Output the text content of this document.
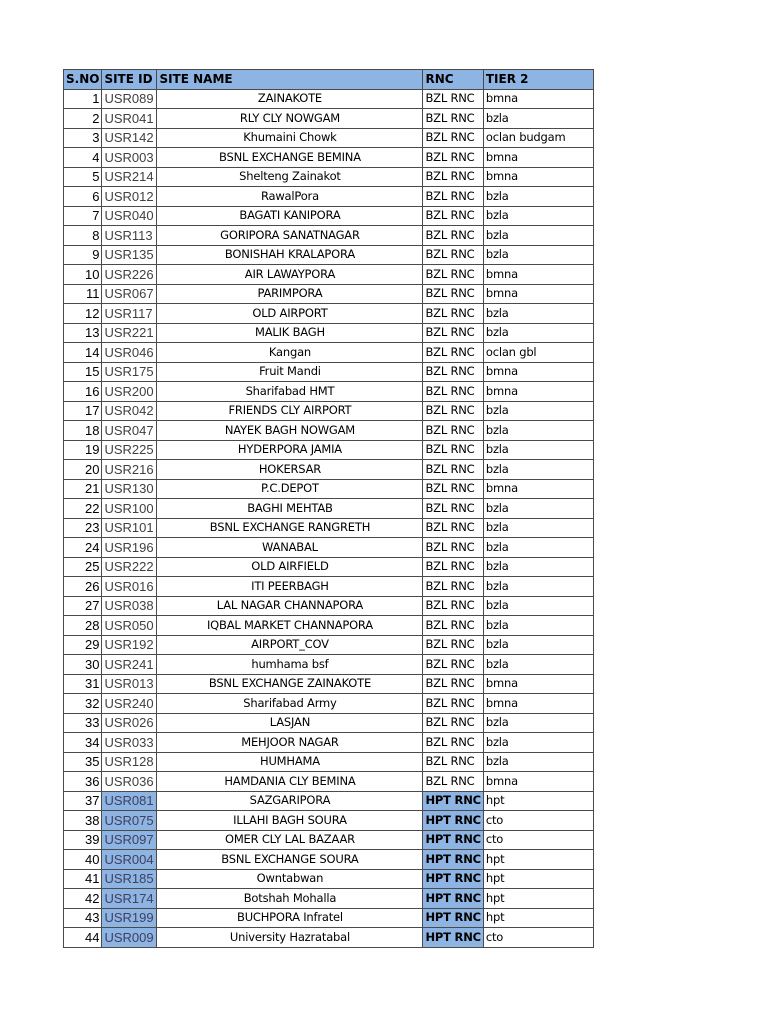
S.NO	SITE ID	SITE NAME	RNC	TIER 2
1	USR089	ZAINAKOTE	BZL RNC	bmna
2	USR041	RLY CLY NOWGAM	BZL RNC	bzla
3	USR142	Khumaini Chowk	BZL RNC	oclan budgam
4	USR003	BSNL EXCHANGE BEMINA	BZL RNC	bmna
5	USR214	Shelteng Zainakot	BZL RNC	bmna
6	USR012	RawalPora	BZL RNC	bzla
7	USR040	BAGATI KANIPORA	BZL RNC	bzla
8	USR113	GORIPORA SANATNAGAR	BZL RNC	bzla
9	USR135	BONISHAH KRALAPORA	BZL RNC	bzla
10	USR226	AIR LAWAYPORA	BZL RNC	bmna
11	USR067	PARIMPORA	BZL RNC	bmna
12	USR117	OLD AIRPORT	BZL RNC	bzla
13	USR221	MALIK BAGH	BZL RNC	bzla
14	USR046	Kangan	BZL RNC	oclan gbl
15	USR175	Fruit Mandi	BZL RNC	bmna
16	USR200	Sharifabad HMT	BZL RNC	bmna
17	USR042	FRIENDS CLY AIRPORT	BZL RNC	bzla
18	USR047	NAYEK BAGH NOWGAM	BZL RNC	bzla
19	USR225	HYDERPORA JAMIA	BZL RNC	bzla
20	USR216	HOKERSAR	BZL RNC	bzla
21	USR130	P.C.DEPOT	BZL RNC	bmna
22	USR100	BAGHI MEHTAB	BZL RNC	bzla
23	USR101	BSNL EXCHANGE RANGRETH	BZL RNC	bzla
24	USR196	WANABAL	BZL RNC	bzla
25	USR222	OLD AIRFIELD	BZL RNC	bzla
26	USR016	ITI PEERBAGH	BZL RNC	bzla
27	USR038	LAL NAGAR CHANNAPORA	BZL RNC	bzla
28	USR050	IQBAL MARKET CHANNAPORA	BZL RNC	bzla
29	USR192	AIRPORT_COV	BZL RNC	bzla
30	USR241	humhama bsf	BZL RNC	bzla
31	USR013	BSNL EXCHANGE ZAINAKOTE	BZL RNC	bmna
32	USR240	Sharifabad Army	BZL RNC	bmna
33	USR026	LASJAN	BZL RNC	bzla
34	USR033	MEHJOOR NAGAR	BZL RNC	bzla
35	USR128	HUMHAMA	BZL RNC	bzla
36	USR036	HAMDANIA CLY BEMINA	BZL RNC	bmna
37	USR081	SAZGARIPORA	HPT RNC	hpt
38	USR075	ILLAHI BAGH SOURA	HPT RNC	cto
39	USR097	OMER CLY LAL BAZAAR	HPT RNC	cto
40	USR004	BSNL EXCHANGE SOURA	HPT RNC	hpt
41	USR185	Owntabwan	HPT RNC	hpt
42	USR174	Botshah Mohalla	HPT RNC	hpt
43	USR199	BUCHPORA Infratel	HPT RNC	hpt
44	USR009	University Hazratabal	HPT RNC	cto
